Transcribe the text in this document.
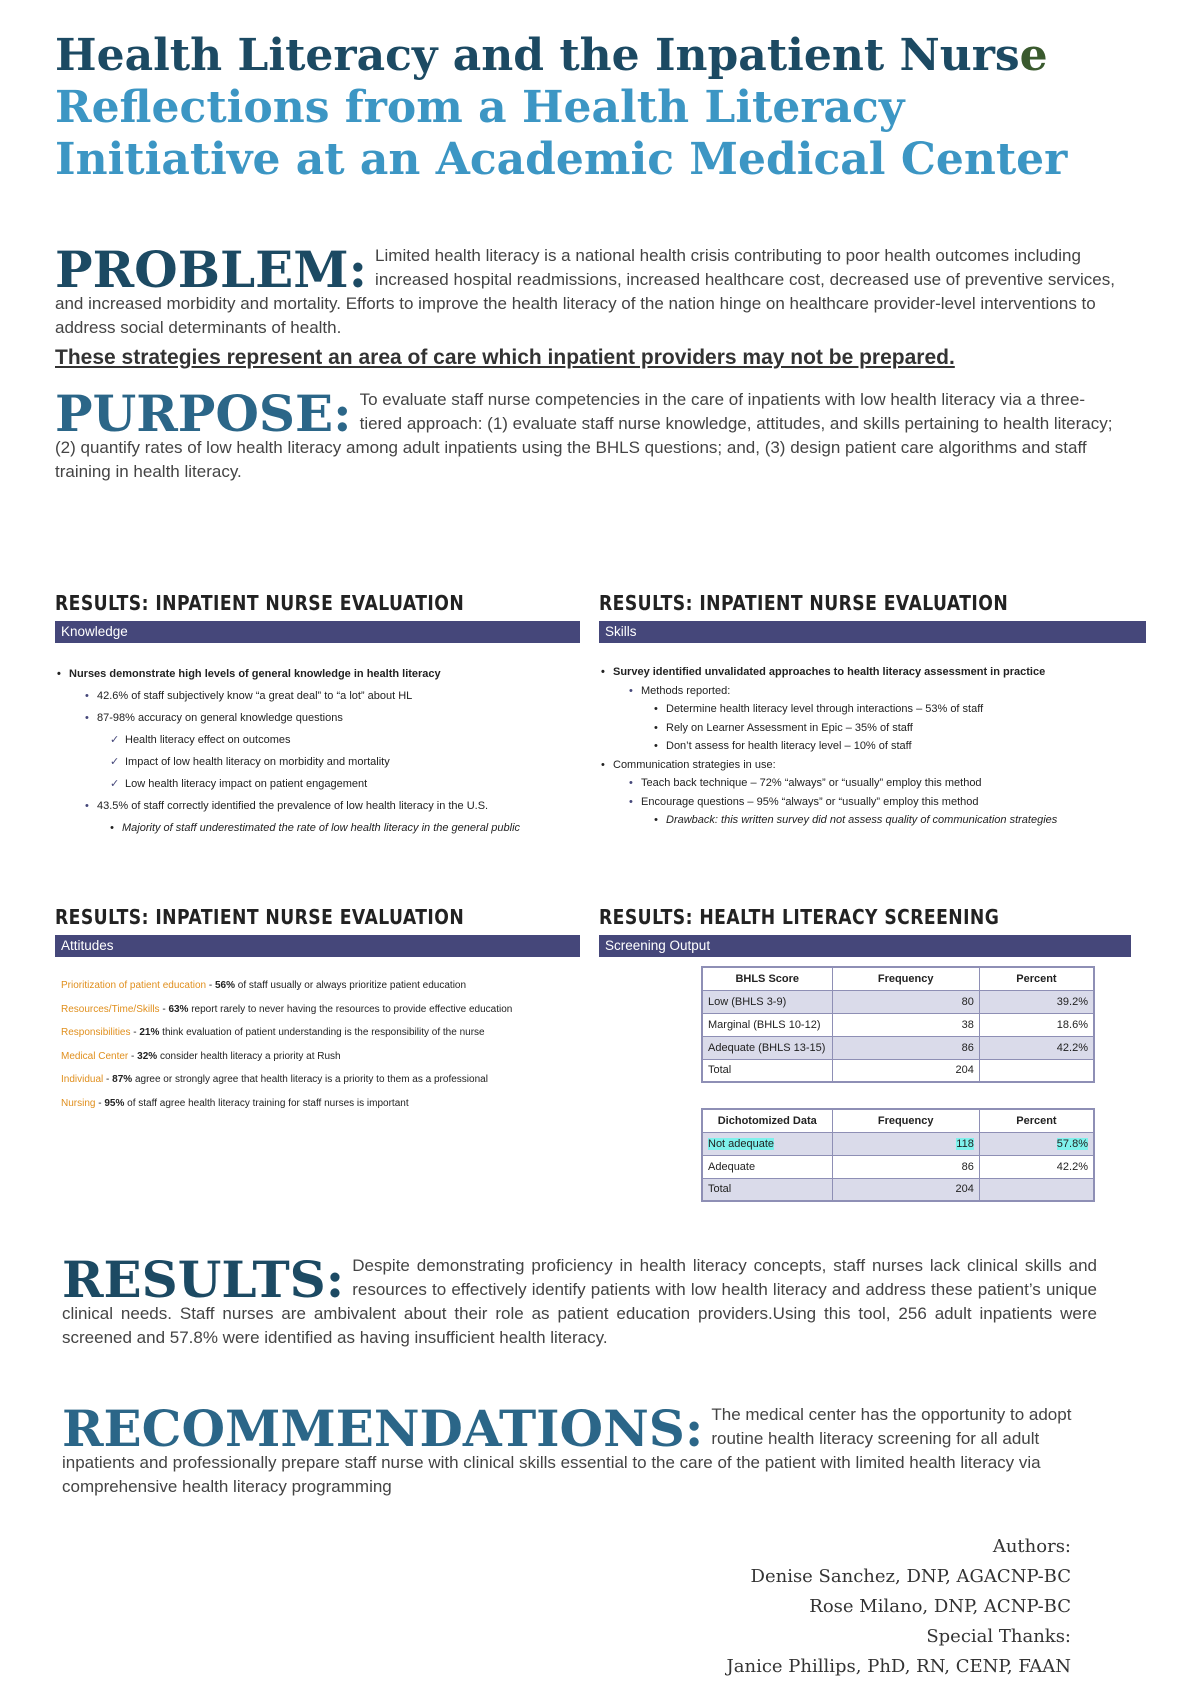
Health Literacy and the Inpatient Nurse
Reflections from a Health Literacy
Initiative at an Academic Medical Center
PROBLEM: Limited health literacy is a national health crisis contributing to poor health outcomes including increased hospital readmissions, increased healthcare cost, decreased use of preventive services, and increased morbidity and mortality. Efforts to improve the health literacy of the nation hinge on healthcare provider-level interventions to address social determinants of health.
These strategies represent an area of care which inpatient providers may not be prepared.
PURPOSE: To evaluate staff nurse competencies in the care of inpatients with low health literacy via a three-tiered approach: (1) evaluate staff nurse knowledge, attitudes, and skills pertaining to health literacy; (2) quantify rates of low health literacy among adult inpatients using the BHLS questions; and, (3) design patient care algorithms and staff training in health literacy.
RESULTS: INPATIENT NURSE EVALUATION
Knowledge
• Nurses demonstrate high levels of general knowledge in health literacy
• 42.6% of staff subjectively know “a great deal” to “a lot” about HL
• 87-98% accuracy on general knowledge questions
✓ Health literacy effect on outcomes
✓ Impact of low health literacy on morbidity and mortality
✓ Low health literacy impact on patient engagement
• 43.5% of staff correctly identified the prevalence of low health literacy in the U.S.
• Majority of staff underestimated the rate of low health literacy in the general public
RESULTS: INPATIENT NURSE EVALUATION
Skills
• Survey identified unvalidated approaches to health literacy assessment in practice
• Methods reported:
• Determine health literacy level through interactions – 53% of staff
• Rely on Learner Assessment in Epic – 35% of staff
• Don’t assess for health literacy level – 10% of staff
• Communication strategies in use:
• Teach back technique – 72% “always” or “usually” employ this method
• Encourage questions – 95% “always” or “usually” employ this method
• Drawback: this written survey did not assess quality of communication strategies
RESULTS: INPATIENT NURSE EVALUATION
Attitudes
Prioritization of patient education - 56% of staff usually or always prioritize patient education
Resources/Time/Skills - 63% report rarely to never having the resources to provide effective education
Responsibilities - 21% think evaluation of patient understanding is the responsibility of the nurse
Medical Center - 32% consider health literacy a priority at Rush
Individual - 87% agree or strongly agree that health literacy is a priority to them as a professional
Nursing - 95% of staff agree health literacy training for staff nurses is important
RESULTS: HEALTH LITERACY SCREENING
Screening Output
BHLS Score	Frequency	Percent
Low (BHLS 3-9)	80	39.2%
Marginal (BHLS 10-12)	38	18.6%
Adequate (BHLS 13-15)	86	42.2%
Total	204	
Dichotomized Data	Frequency	Percent
Not adequate	118	57.8%
Adequate	86	42.2%
Total	204	
RESULTS: Despite demonstrating proficiency in health literacy concepts, staff nurses lack clinical skills and resources to effectively identify patients with low health literacy and address these patient’s unique clinical needs. Staff nurses are ambivalent about their role as patient education providers.Using this tool, 256 adult inpatients were screened and 57.8% were identified as having insufficient health literacy.
RECOMMENDATIONS: The medical center has the opportunity to adopt routine health literacy screening for all adult inpatients and professionally prepare staff nurse with clinical skills essential to the care of the patient with limited health literacy via comprehensive health literacy programming
Authors:
Denise Sanchez, DNP, AGACNP-BC
Rose Milano, DNP, ACNP-BC
Special Thanks:
Janice Phillips, PhD, RN, CENP, FAAN
